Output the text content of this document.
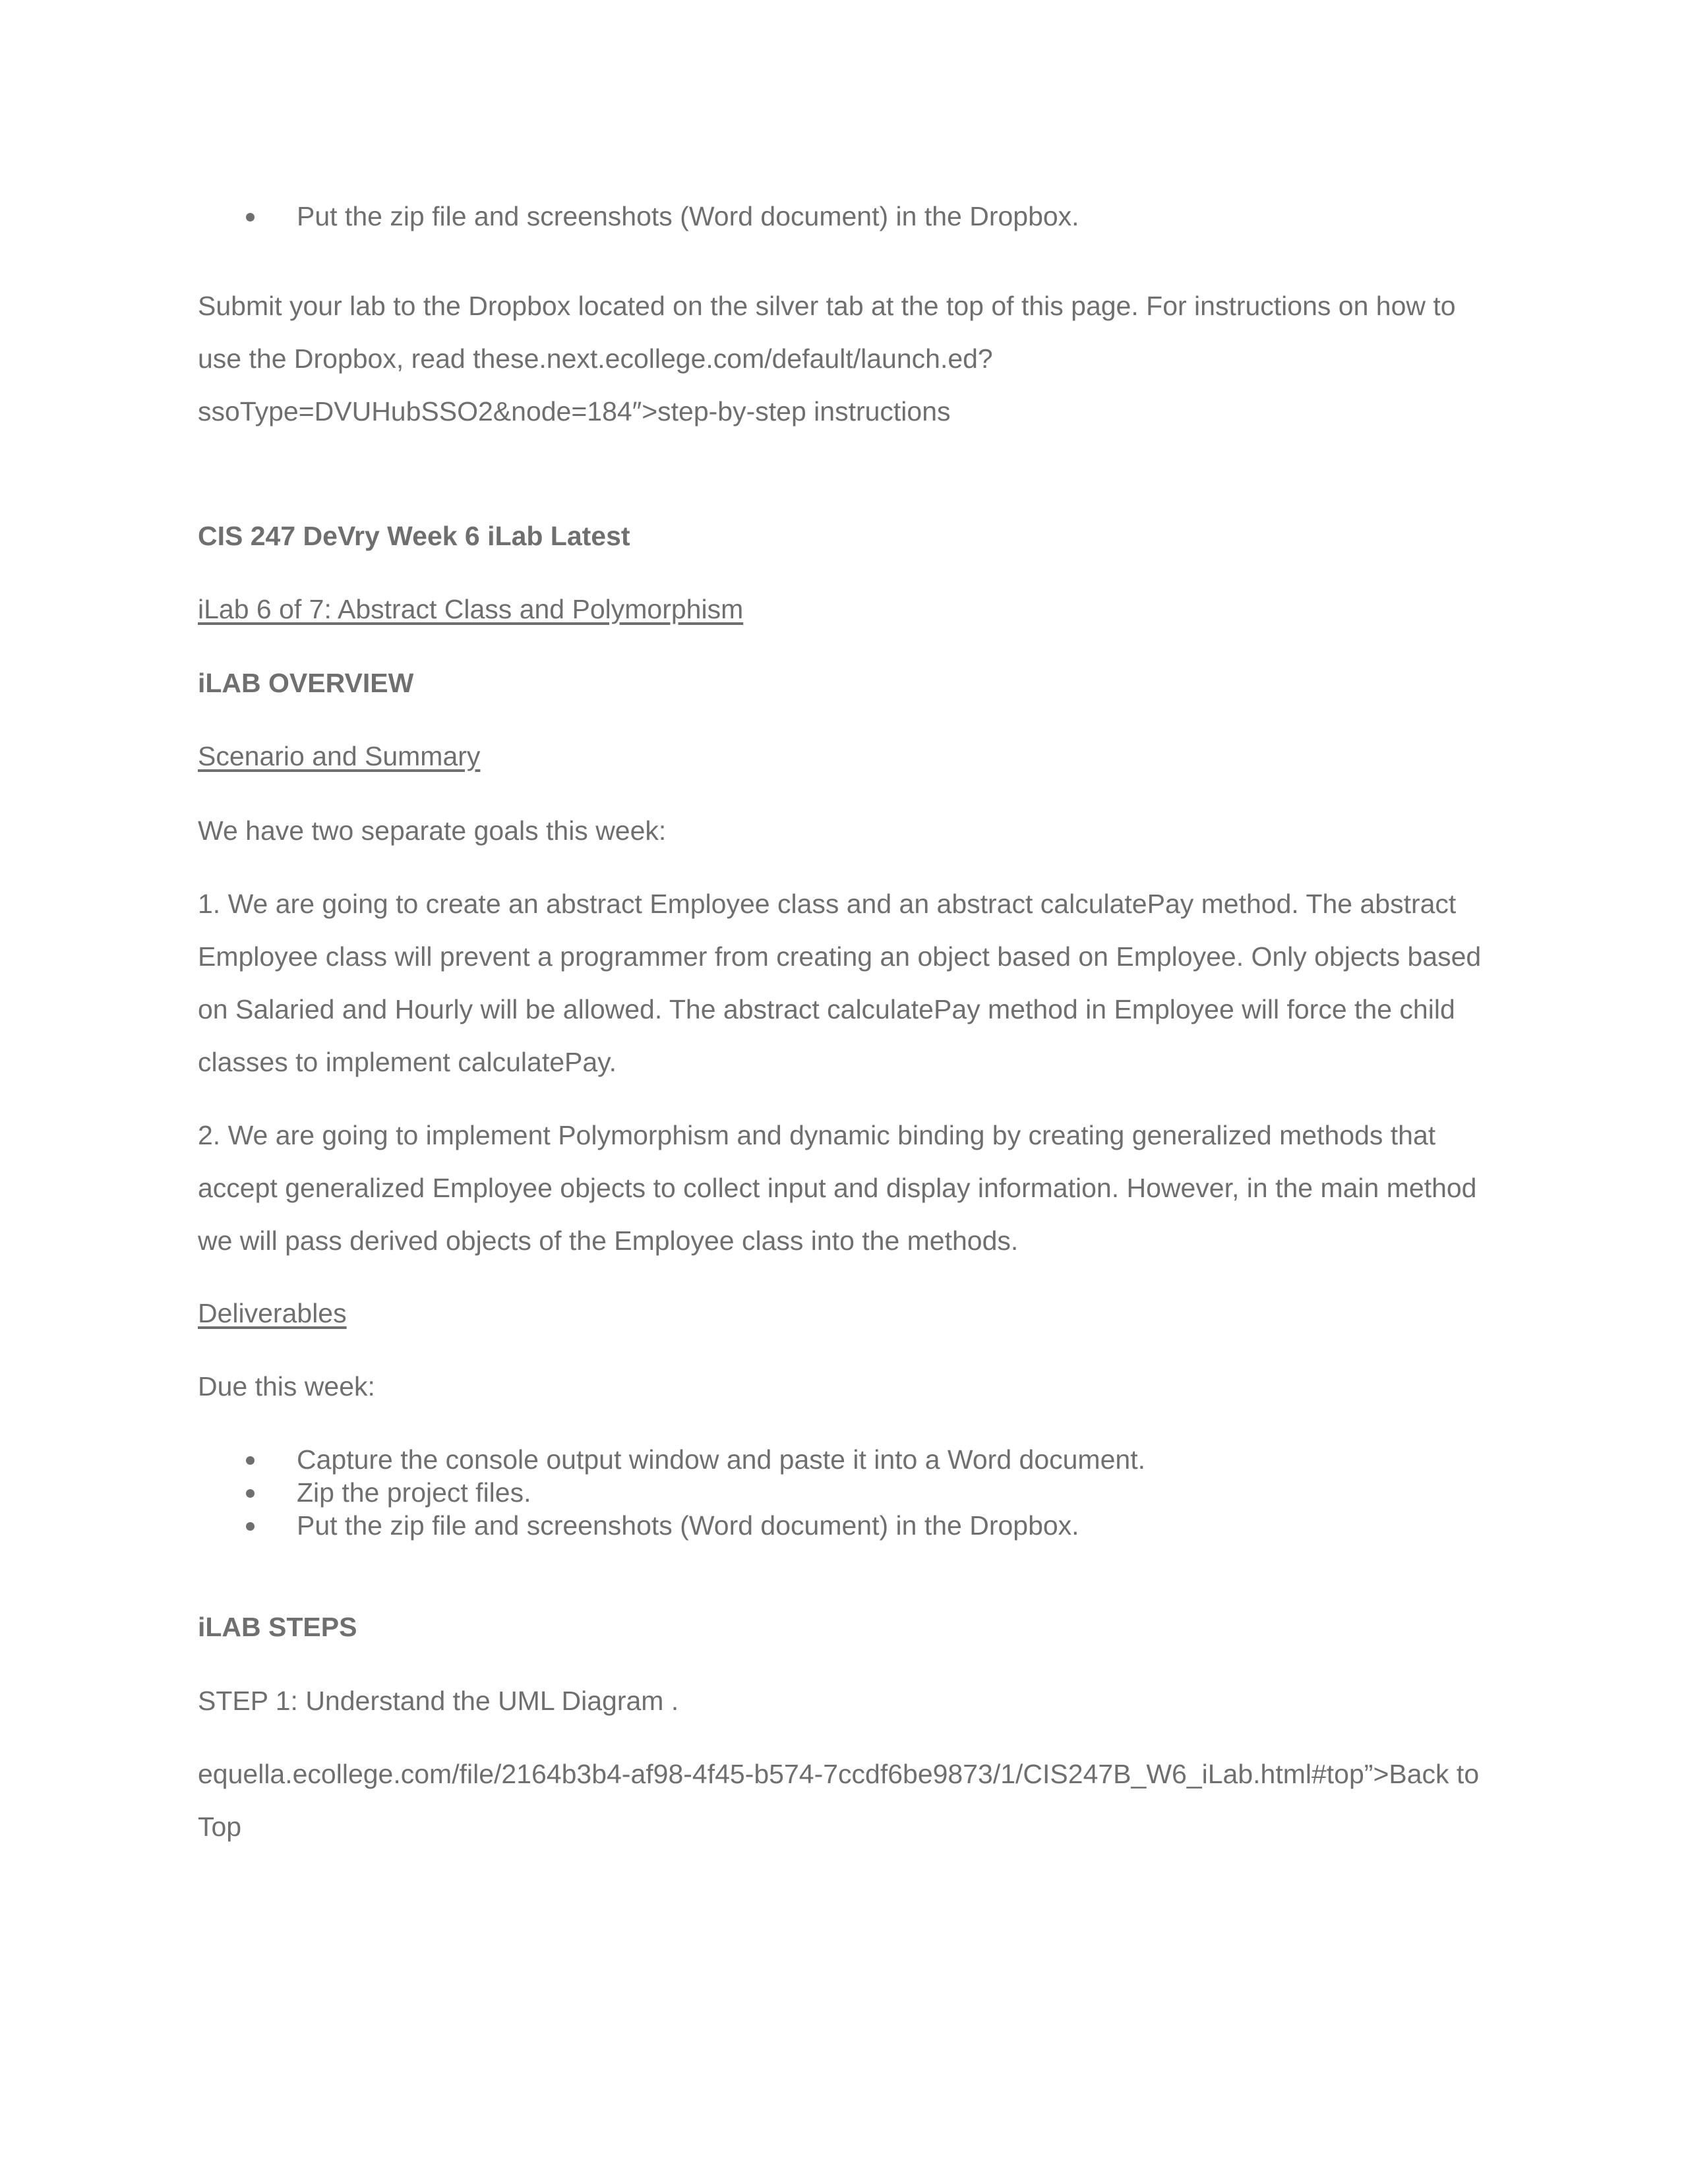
Put the zip file and screenshots (Word document) in the Dropbox.

Submit your lab to the Dropbox located on the silver tab at the top of this page. For instructions on how to use the Dropbox, read these.next.ecollege.com/default/launch.ed?ssoType=DVUHubSSO2&node=184″>step-by-step instructions

CIS 247 DeVry Week 6 iLab Latest

iLab 6 of 7: Abstract Class and Polymorphism

iLAB OVERVIEW

Scenario and Summary

We have two separate goals this week:

1. We are going to create an abstract Employee class and an abstract calculatePay method. The abstract Employee class will prevent a programmer from creating an object based on Employee. Only objects based on Salaried and Hourly will be allowed. The abstract calculatePay method in Employee will force the child classes to implement calculatePay.

2. We are going to implement Polymorphism and dynamic binding by creating generalized methods that accept generalized Employee objects to collect input and display information. However, in the main method we will pass derived objects of the Employee class into the methods.

Deliverables

Due this week:

Capture the console output window and paste it into a Word document.
Zip the project files.
Put the zip file and screenshots (Word document) in the Dropbox.

iLAB STEPS

STEP 1: Understand the UML Diagram .

equella.ecollege.com/file/2164b3b4-af98-4f45-b574-7ccdf6be9873/1/CIS247B_W6_iLab.html#top”>Back to Top
